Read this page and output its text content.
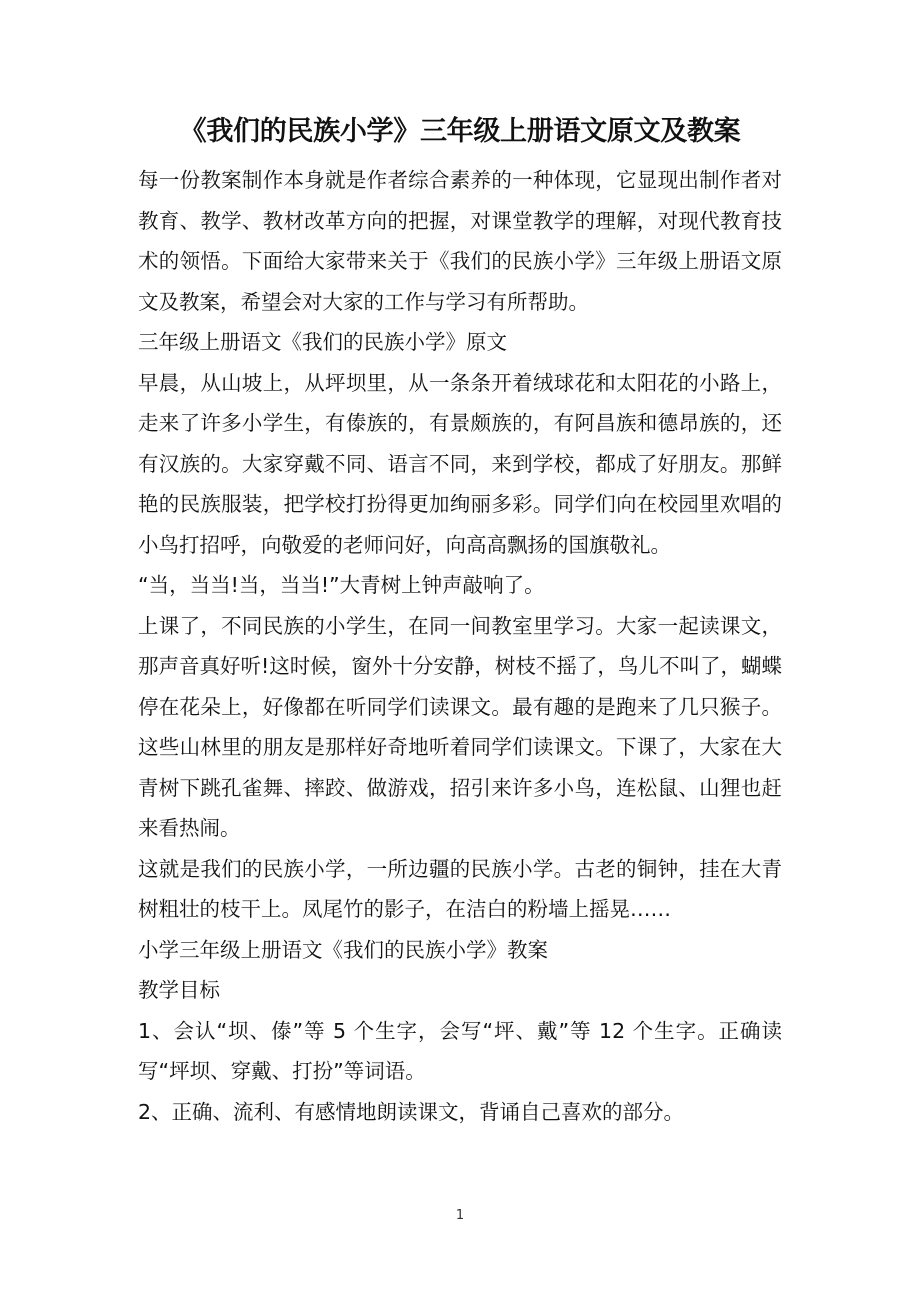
《我们的民族小学》三年级上册语文原文及教案

每一份教案制作本身就是作者综合素养的一种体现，它显现出制作者对教育、教学、教材改革方向的把握，对课堂教学的理解，对现代教育技术的领悟。下面给大家带来关于《我们的民族小学》三年级上册语文原文及教案，希望会对大家的工作与学习有所帮助。

三年级上册语文《我们的民族小学》原文

早晨，从山坡上，从坪坝里，从一条条开着绒球花和太阳花的小路上，走来了许多小学生，有傣族的，有景颇族的，有阿昌族和德昂族的，还有汉族的。大家穿戴不同、语言不同，来到学校，都成了好朋友。那鲜艳的民族服装，把学校打扮得更加绚丽多彩。同学们向在校园里欢唱的小鸟打招呼，向敬爱的老师问好，向高高飘扬的国旗敬礼。

“当，当当!当，当当!”大青树上钟声敲响了。

上课了，不同民族的小学生，在同一间教室里学习。大家一起读课文，那声音真好听!这时候，窗外十分安静，树枝不摇了，鸟儿不叫了，蝴蝶停在花朵上，好像都在听同学们读课文。最有趣的是跑来了几只猴子。这些山林里的朋友是那样好奇地听着同学们读课文。下课了，大家在大青树下跳孔雀舞、摔跤、做游戏，招引来许多小鸟，连松鼠、山狸也赶来看热闹。

这就是我们的民族小学，一所边疆的民族小学。古老的铜钟，挂在大青树粗壮的枝干上。凤尾竹的影子，在洁白的粉墙上摇晃……

小学三年级上册语文《我们的民族小学》教案

教学目标

1、会认“坝、傣”等 5 个生字，会写“坪、戴”等 12 个生字。正确读写“坪坝、穿戴、打扮”等词语。

2、正确、流利、有感情地朗读课文，背诵自己喜欢的部分。

1
